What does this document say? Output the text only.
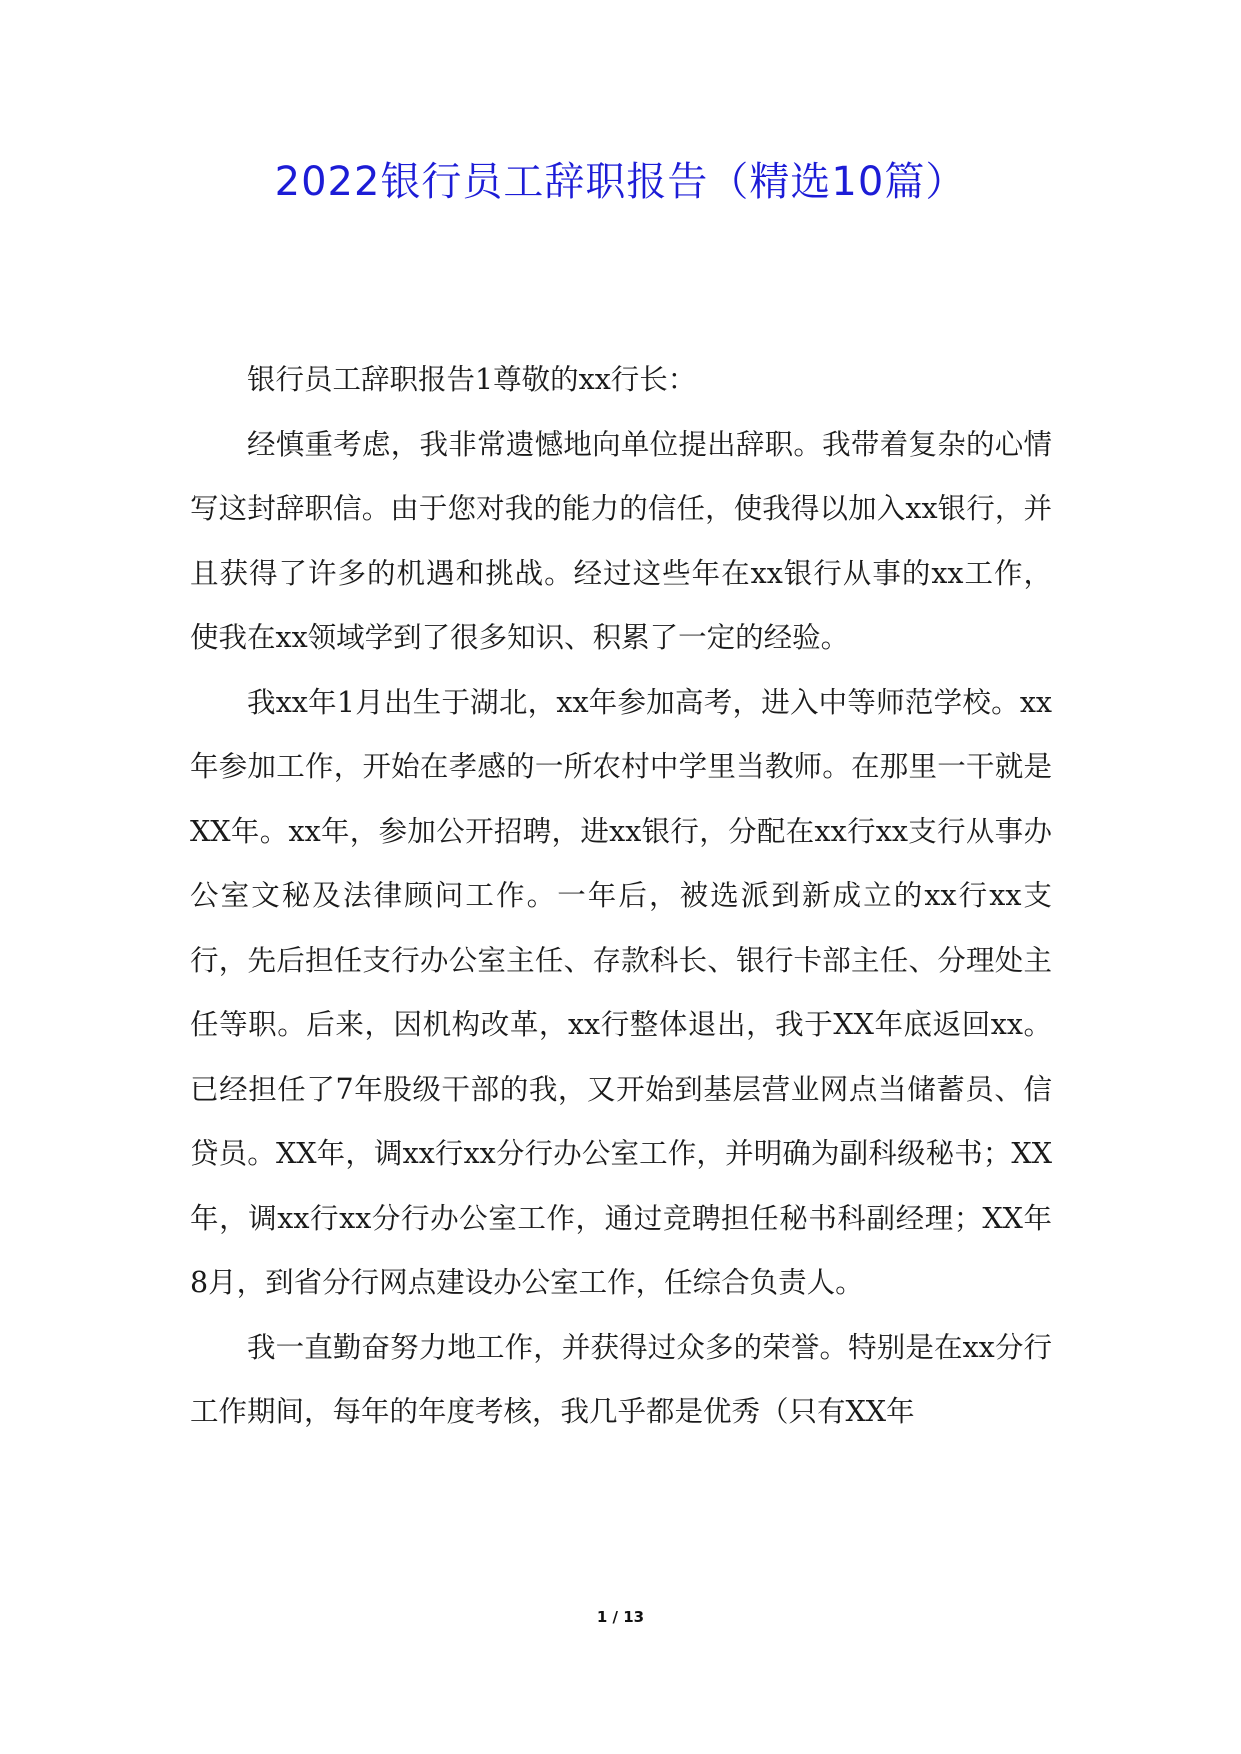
2022银行员工辞职报告（精选10篇）

银行员工辞职报告1尊敬的xx行长：

经慎重考虑，我非常遗憾地向单位提出辞职。我带着复杂的心情写这封辞职信。由于您对我的能力的信任，使我得以加入xx银行，并且获得了许多的机遇和挑战。经过这些年在xx银行从事的xx工作，使我在xx领域学到了很多知识、积累了一定的经验。

我xx年1月出生于湖北，xx年参加高考，进入中等师范学校。xx年参加工作，开始在孝感的一所农村中学里当教师。在那里一干就是XX年。xx年，参加公开招聘，进xx银行，分配在xx行xx支行从事办公室文秘及法律顾问工作。一年后，被选派到新成立的xx行xx支行，先后担任支行办公室主任、存款科长、银行卡部主任、分理处主任等职。后来，因机构改革，xx行整体退出，我于XX年底返回xx。已经担任了7年股级干部的我，又开始到基层营业网点当储蓄员、信贷员。XX年，调xx行xx分行办公室工作，并明确为副科级秘书；XX年，调xx行xx分行办公室工作，通过竞聘担任秘书科副经理；XX年8月，到省分行网点建设办公室工作，任综合负责人。

我一直勤奋努力地工作，并获得过众多的荣誉。特别是在xx分行工作期间，每年的年度考核，我几乎都是优秀（只有XX年

1 / 13
